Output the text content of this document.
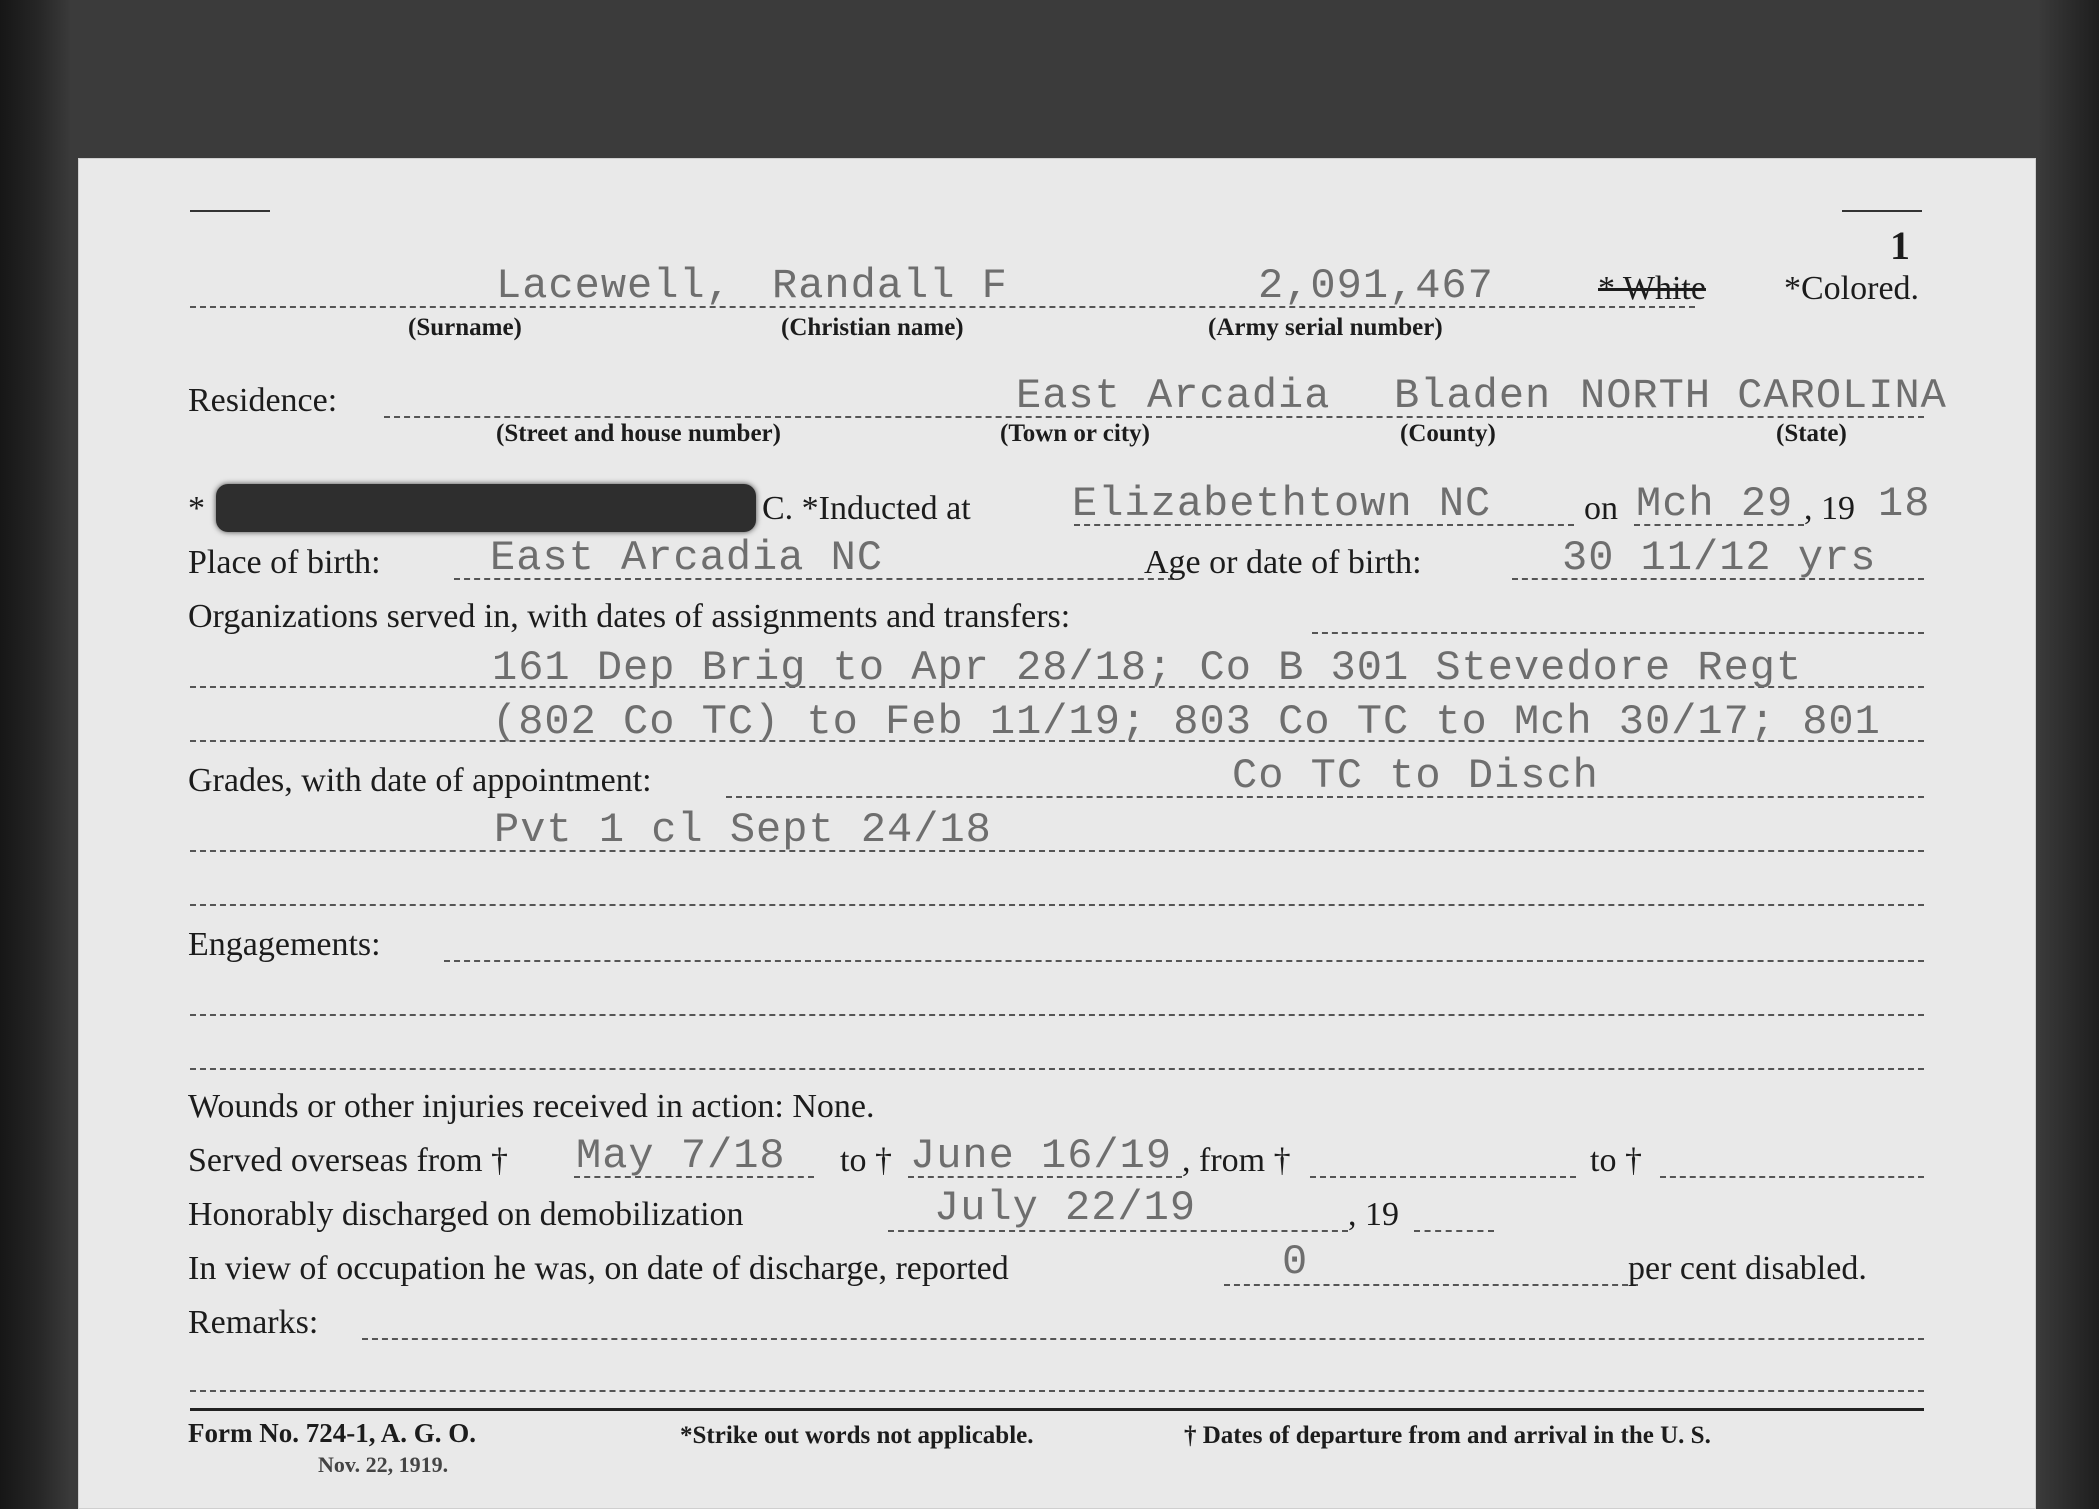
1
Lacewell, Randall F	2,091,467	* White *Colored.
(Surname)	(Christian name)	(Army serial number)
Residence:	East Arcadia Bladen NORTH CAROLINA
(Street and house number)	(Town or city)	(County)	(State)
*	C. *Inducted at Elizabethtown NC	on Mch 29 , 19 18
Place of birth:	East Arcadia NC	Age or date of birth:	30 11/12 yrs
Organizations served in, with dates of assignments and transfers:
161 Dep Brig to Apr 28/18; Co B 301 Stevedore Regt
(802 Co TC) to Feb 11/19; 803 Co TC to Mch 30/17; 801
Grades, with date of appointment:	Co TC to Disch
Pvt 1 cl Sept 24/18
Engagements:
Wounds or other injuries received in action: None.
Served overseas from † May 7/18 to † June 16/19 , from †	to †
Honorably discharged on demobilization	July 22/19	, 19
In view of occupation he was, on date of discharge, reported	0	per cent disabled.
Remarks:
Form No. 724-1, A. G. O.
Nov. 22, 1919.
*Strike out words not applicable.	† Dates of departure from and arrival in the U. S.
